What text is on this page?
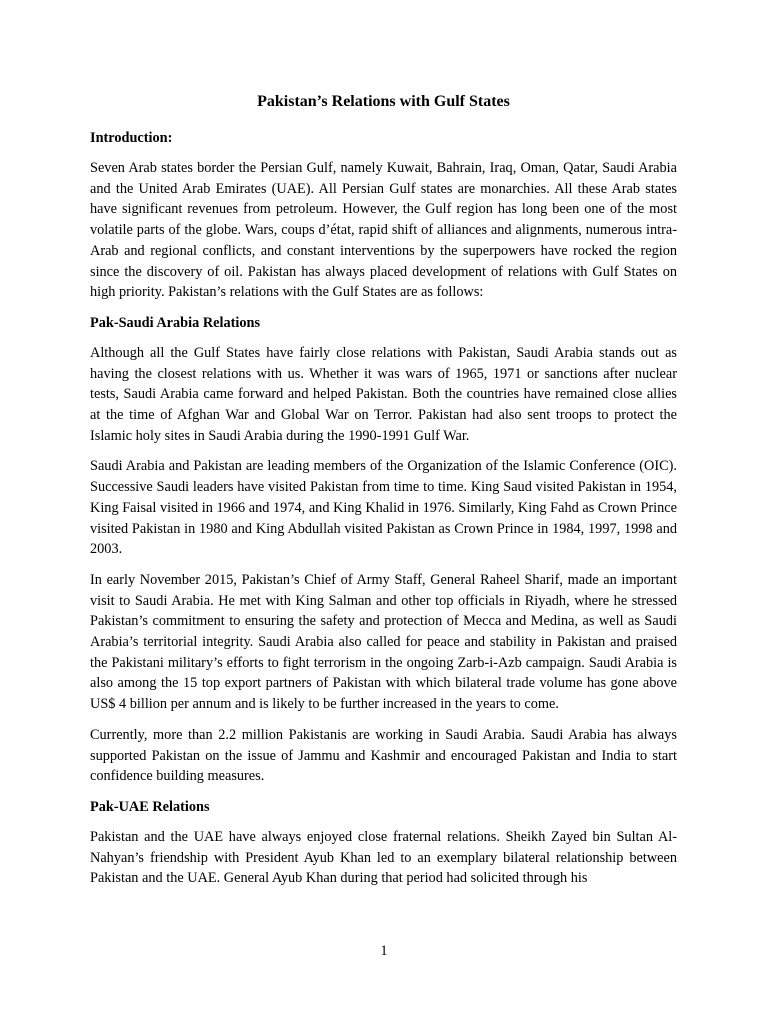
Pakistan’s Relations with Gulf States
Introduction:

Seven Arab states border the Persian Gulf, namely Kuwait, Bahrain, Iraq, Oman, Qatar, Saudi Arabia and the United Arab Emirates (UAE). All Persian Gulf states are monarchies. All these Arab states have significant revenues from petroleum. However, the Gulf region has long been one of the most volatile parts of the globe. Wars, coups d’état, rapid shift of alliances and alignments, numerous intra-Arab and regional conflicts, and constant interventions by the superpowers have rocked the region since the discovery of oil. Pakistan has always placed development of relations with Gulf States on high priority. Pakistan’s relations with the Gulf States are as follows:

Pak-Saudi Arabia Relations

Although all the Gulf States have fairly close relations with Pakistan, Saudi Arabia stands out as having the closest relations with us. Whether it was wars of 1965, 1971 or sanctions after nuclear tests, Saudi Arabia came forward and helped Pakistan. Both the countries have remained close allies at the time of Afghan War and Global War on Terror. Pakistan had also sent troops to protect the Islamic holy sites in Saudi Arabia during the 1990-1991 Gulf War.

Saudi Arabia and Pakistan are leading members of the Organization of the Islamic Conference (OIC). Successive Saudi leaders have visited Pakistan from time to time. King Saud visited Pakistan in 1954, King Faisal visited in 1966 and 1974, and King Khalid in 1976. Similarly, King Fahd as Crown Prince visited Pakistan in 1980 and King Abdullah visited Pakistan as Crown Prince in 1984, 1997, 1998 and 2003.

In early November 2015, Pakistan’s Chief of Army Staff, General Raheel Sharif, made an important visit to Saudi Arabia. He met with King Salman and other top officials in Riyadh, where he stressed Pakistan’s commitment to ensuring the safety and protection of Mecca and Medina, as well as Saudi Arabia’s territorial integrity. Saudi Arabia also called for peace and stability in Pakistan and praised the Pakistani military’s efforts to fight terrorism in the ongoing Zarb-i-Azb campaign. Saudi Arabia is also among the 15 top export partners of Pakistan with which bilateral trade volume has gone above US$ 4 billion per annum and is likely to be further increased in the years to come.

Currently, more than 2.2 million Pakistanis are working in Saudi Arabia. Saudi Arabia has always supported Pakistan on the issue of Jammu and Kashmir and encouraged Pakistan and India to start confidence building measures.

Pak-UAE Relations

Pakistan and the UAE have always enjoyed close fraternal relations. Sheikh Zayed bin Sultan Al-Nahyan’s friendship with President Ayub Khan led to an exemplary bilateral relationship between Pakistan and the UAE. General Ayub Khan during that period had solicited through his

1
